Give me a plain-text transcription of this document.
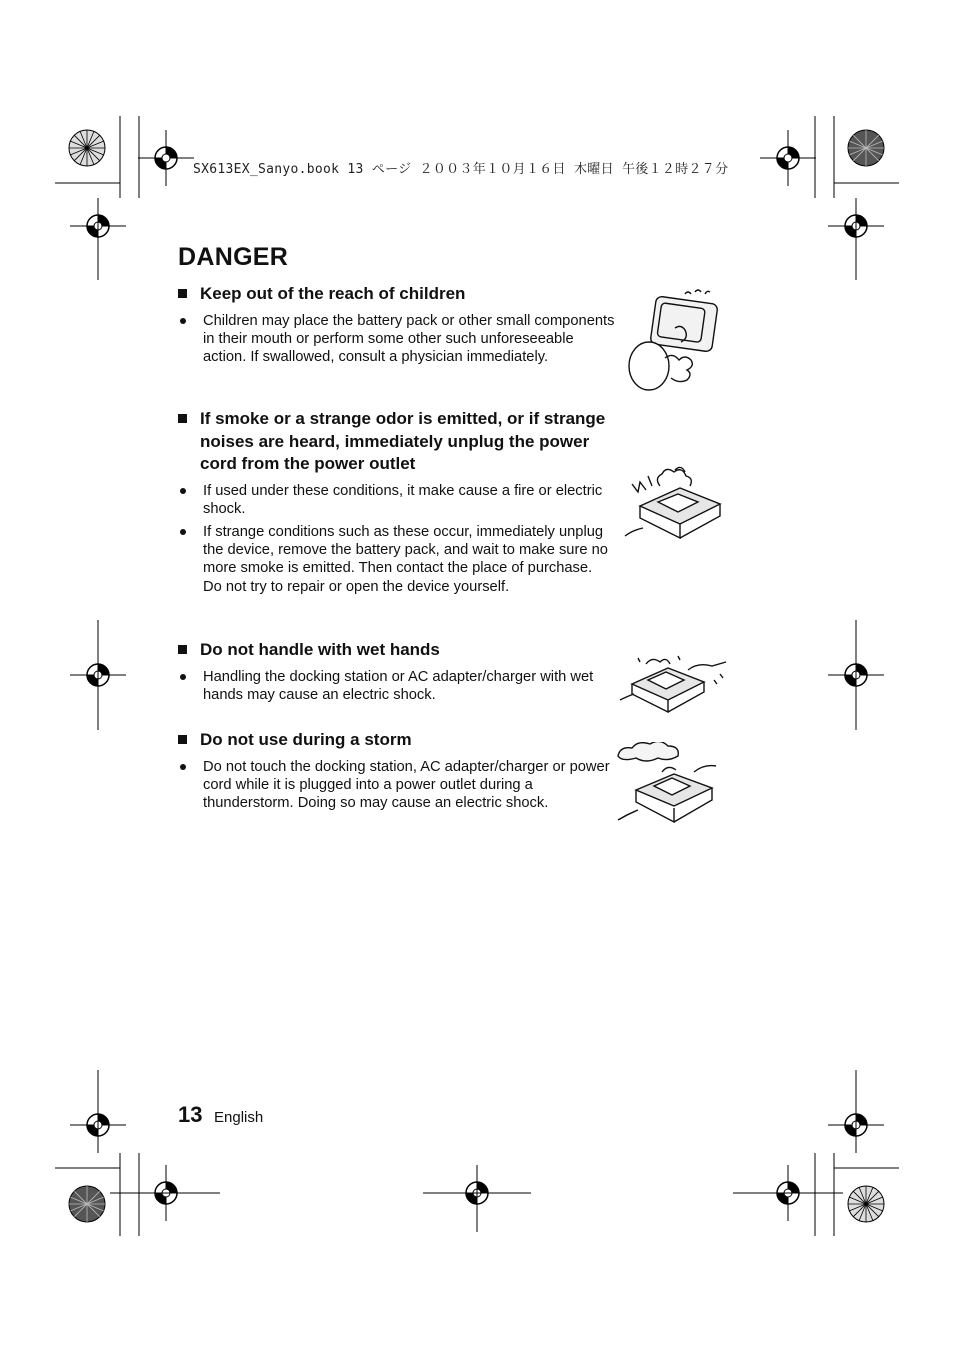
SX613EX_Sanyo.book 13 ページ ２００３年１０月１６日 木曜日 午後１２時２７分
DANGER
Keep out of the reach of children
Children may place the battery pack or other small components in their mouth or perform some other such unforeseeable action. If swallowed, consult a physician immediately.
If smoke or a strange odor is emitted, or if strange noises are heard, immediately unplug the power cord from the power outlet
If used under these conditions, it make cause a fire or electric shock.
If strange conditions such as these occur, immediately unplug the device, remove the battery pack, and wait to make sure no more smoke is emitted. Then contact the place of purchase. Do not try to repair or open the device yourself.
Do not handle with wet hands
Handling the docking station or AC adapter/charger with wet hands may cause an electric shock.
Do not use during a storm
Do not touch the docking station, AC adapter/charger or power cord while it is plugged into a power outlet during a thunderstorm. Doing so may cause an electric shock.
13 English
